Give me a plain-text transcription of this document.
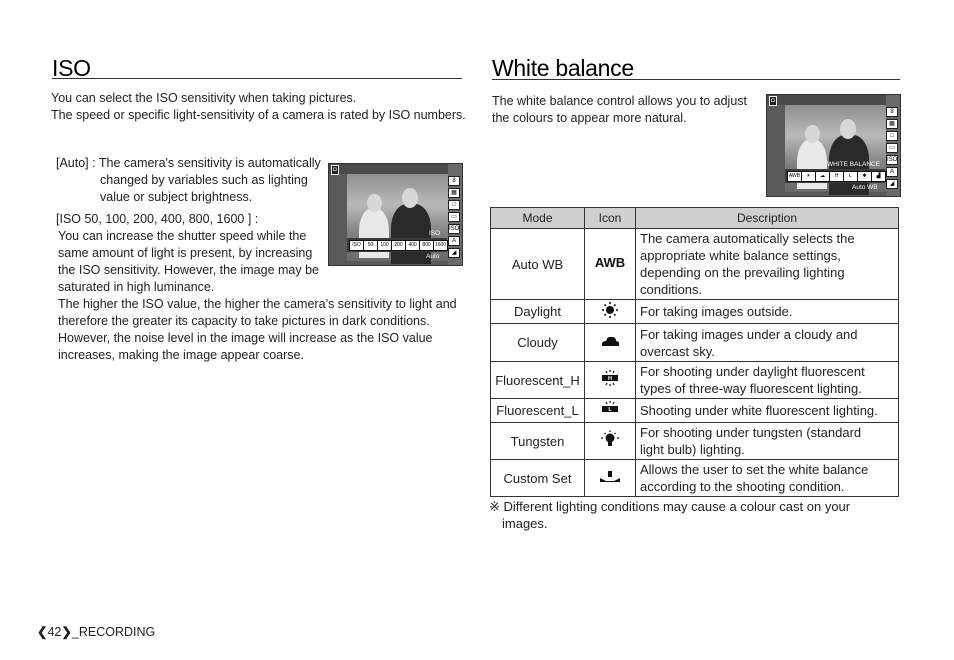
ISO
You can select the ISO sensitivity when taking pictures.
The speed or specific light-sensitivity of a camera is rated by ISO numbers.
[Auto] : The camera's sensitivity is automatically
changed by variables such as lighting
value or subject brightness.
[ISO 50, 100, 200, 400, 800, 1600 ] :
You can increase the shutter speed while the
same amount of light is present, by increasing
the ISO sensitivity. However, the image may be
saturated in high luminance.
The higher the ISO value, the higher the camera’s sensitivity to light and
therefore the greater its capacity to take pictures in dark conditions.
However, the noise level in the image will increase as the ISO value
increases, making the image appear coarse.
◘
8
▦
□
▭
ISO
A
◢
ISO
ISO	50	100	200	400	800 1600
Auto
White balance
The white balance control allows you to adjust
the colours to appear more natural.
◘
8
▦
□
▭
ISO
A
◢
WHITE BALANCE
AWB	☀	☁	H	L	✱	▟
Auto WB
Mode	Icon	Description
Auto WB	AWB	The camera automatically selects the
appropriate white balance settings,
depending on the prevailing lighting
conditions.

Daylight		For taking images outside.

Cloudy		For taking images under a cloudy and
overcast sky.

Fluorescent_H	H	For shooting under daylight fluorescent
types of three-way fluorescent lighting.

Fluorescent_L	L	Shooting under white fluorescent lighting.

Tungsten		For shooting under tungsten (standard
light bulb) lighting.

Custom Set		Allows the user to set the white balance
according to the shooting condition.
※ Different lighting conditions may cause a colour cast on your
images.
❮42❯_RECORDING
